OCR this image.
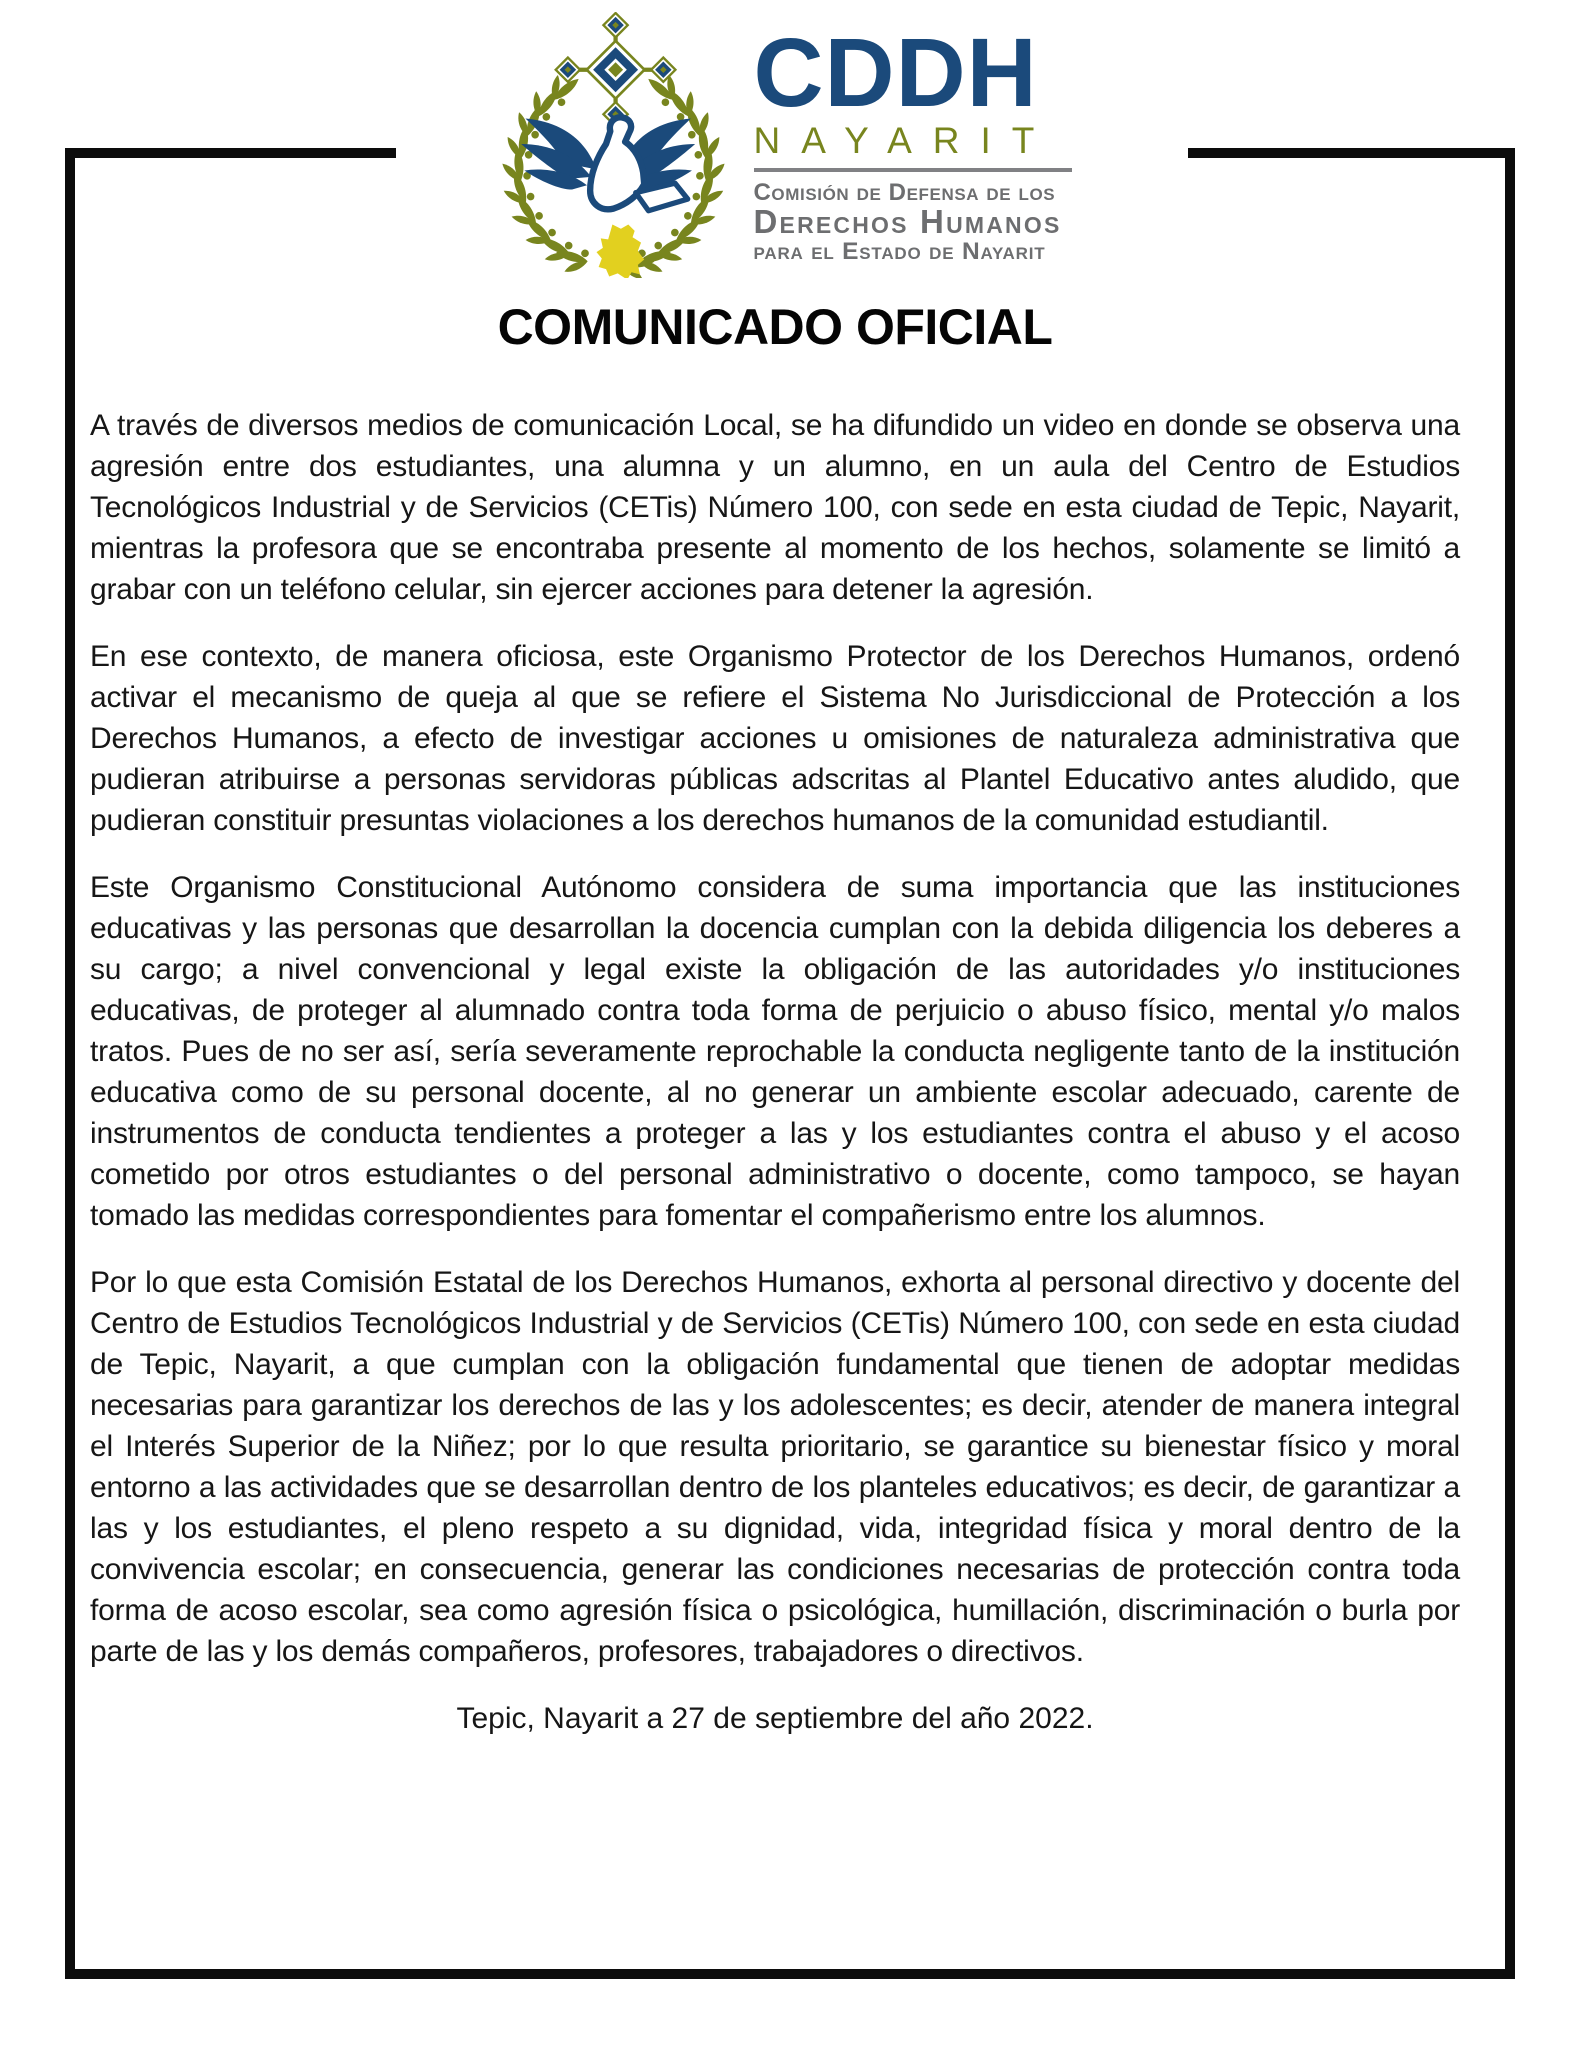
CDDH
NAYARIT
Comisión de Defensa de los
Derechos Humanos
para el Estado de Nayarit
COMUNICADO OFICIAL

A través de diversos medios de comunicación Local, se ha difundido un video en donde se observa una agresión entre dos estudiantes, una alumna y un alumno, en un aula del Centro de Estudios Tecnológicos Industrial y de Servicios (CETis) Número 100, con sede en esta ciudad de Tepic, Nayarit, mientras la profesora que se encontraba presente al momento de los hechos, solamente se limitó a grabar con un teléfono celular, sin ejercer acciones para detener la agresión.

En ese contexto, de manera oficiosa, este Organismo Protector de los Derechos Humanos, ordenó activar el mecanismo de queja al que se refiere el Sistema No Jurisdiccional de Protección a los Derechos Humanos, a efecto de investigar acciones u omisiones de naturaleza administrativa que pudieran atribuirse a personas servidoras públicas adscritas al Plantel Educativo antes aludido, que pudieran constituir presuntas violaciones a los derechos humanos de la comunidad estudiantil.

Este Organismo Constitucional Autónomo considera de suma importancia que las instituciones educativas y las personas que desarrollan la docencia cumplan con la debida diligencia los deberes a su cargo; a nivel convencional y legal existe la obligación de las autoridades y/o instituciones educativas, de proteger al alumnado contra toda forma de perjuicio o abuso físico, mental y/o malos tratos. Pues de no ser así, sería severamente reprochable la conducta negligente tanto de la institución educativa como de su personal docente, al no generar un ambiente escolar adecuado, carente de instrumentos de conducta tendientes a proteger a las y los estudiantes contra el abuso y el acoso cometido por otros estudiantes o del personal administrativo o docente, como tampoco, se hayan tomado las medidas correspondientes para fomentar el compañerismo entre los alumnos.

Por lo que esta Comisión Estatal de los Derechos Humanos, exhorta al personal directivo y docente del Centro de Estudios Tecnológicos Industrial y de Servicios (CETis) Número 100, con sede en esta ciudad de Tepic, Nayarit, a que cumplan con la obligación fundamental que tienen de adoptar medidas necesarias para garantizar los derechos de las y los adolescentes; es decir, atender de manera integral el Interés Superior de la Niñez; por lo que resulta prioritario, se garantice su bienestar físico y moral entorno a las actividades que se desarrollan dentro de los planteles educativos; es decir, de garantizar a las y los estudiantes, el pleno respeto a su dignidad, vida, integridad física y moral dentro de la convivencia escolar; en consecuencia, generar las condiciones necesarias de protección contra toda forma de acoso escolar, sea como agresión física o psicológica, humillación, discriminación o burla por parte de las y los demás compañeros, profesores, trabajadores o directivos.

Tepic, Nayarit a 27 de septiembre del año 2022.
